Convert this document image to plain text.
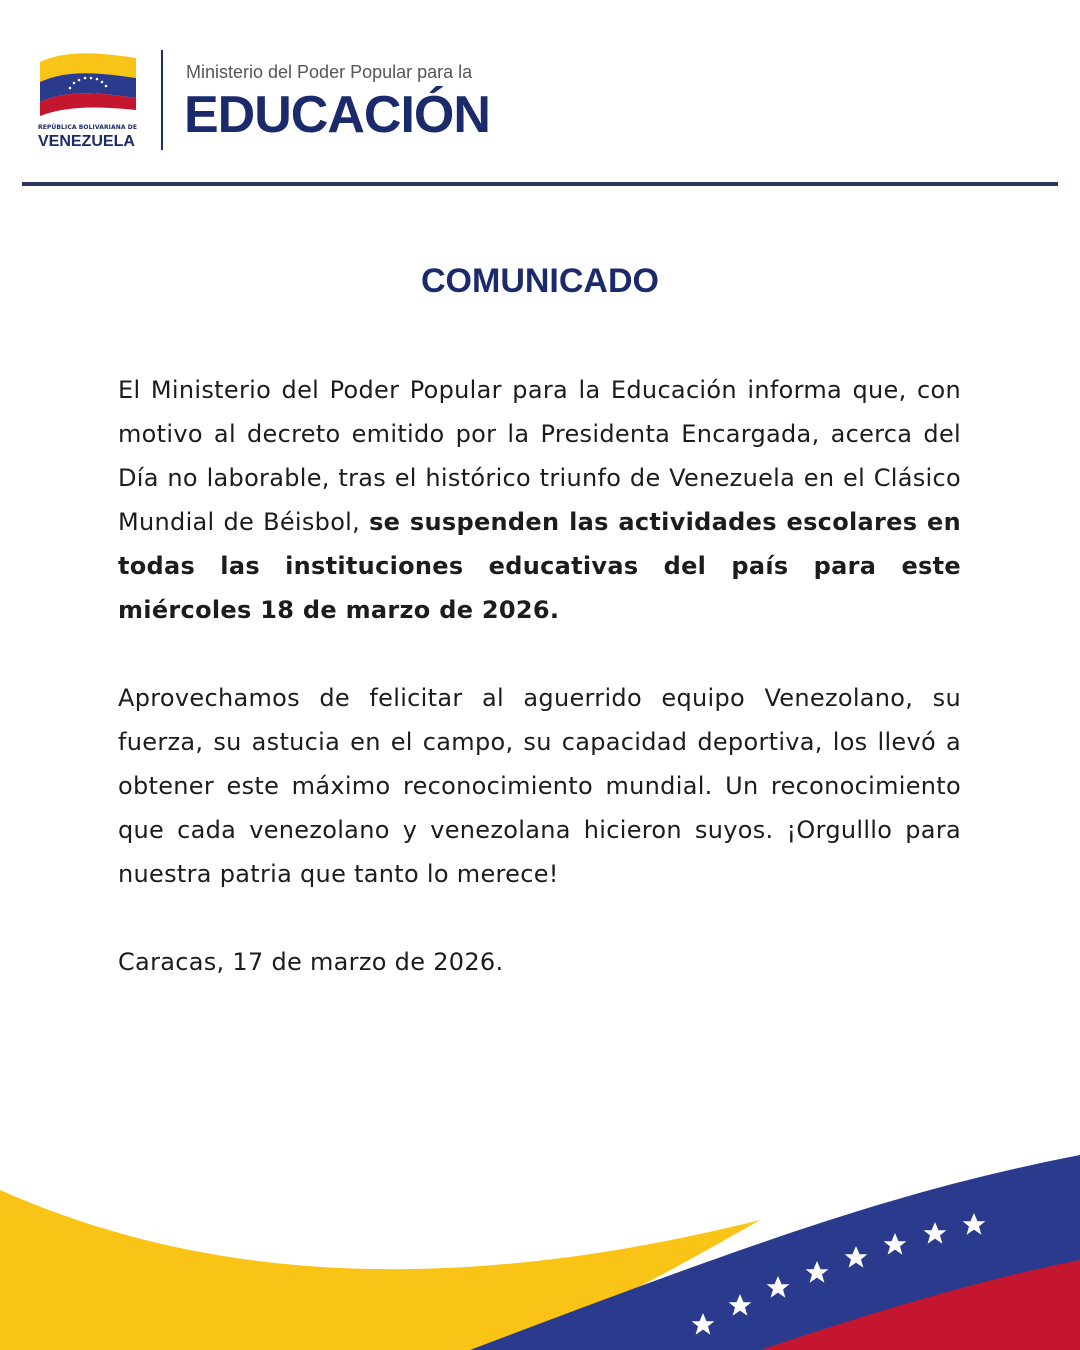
REPÚBLICA BOLIVARIANA DE
VENEZUELA
Ministerio del Poder Popular para la
EDUCACIÓN
COMUNICADO

El Ministerio del Poder Popular para la Educación informa que, con motivo al decreto emitido por la Presidenta Encargada, acerca del Día no laborable, tras el histórico triunfo de Venezuela en el Clásico Mundial de Béisbol, se suspenden las actividades escolares en todas las instituciones educativas del país para este miércoles 18 de marzo de 2026.

Aprovechamos de felicitar al aguerrido equipo Venezolano, su fuerza, su astucia en el campo, su capacidad deportiva, los llevó a obtener este máximo reconocimiento mundial. Un reconocimiento que cada venezolano y venezolana hicieron suyos. ¡Orgulllo para nuestra patria que tanto lo merece!

Caracas, 17 de marzo de 2026.
